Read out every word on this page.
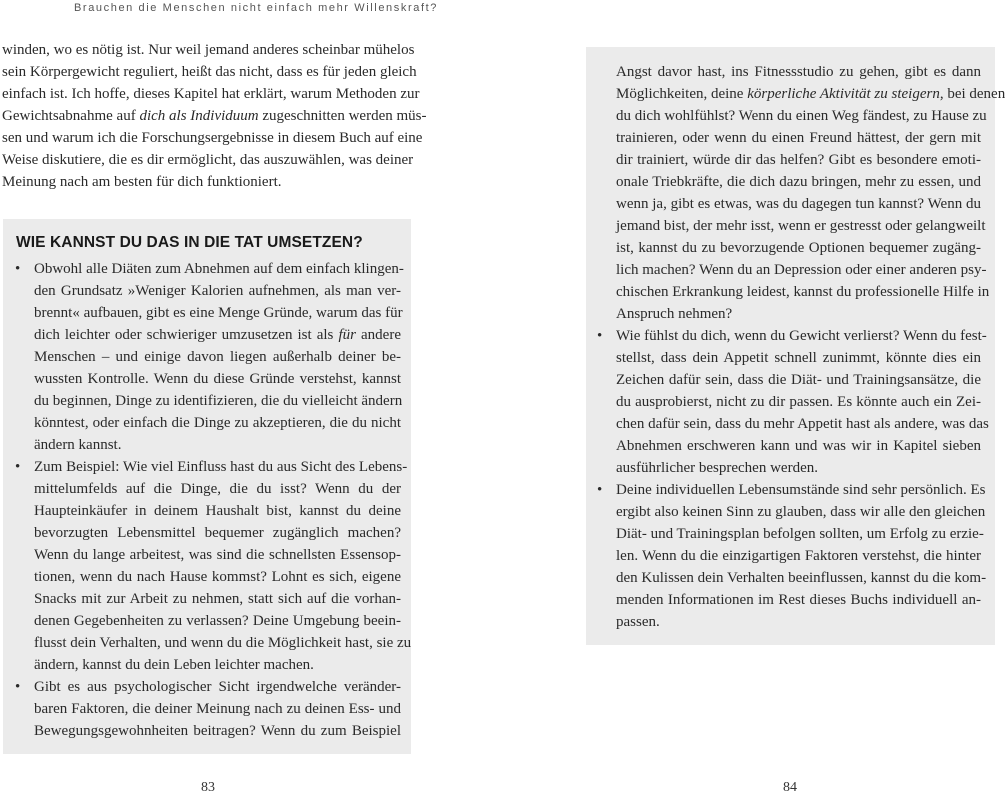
Brauchen die Menschen nicht einfach mehr Willenskraft?
winden, wo es nötig ist. Nur weil jemand anderes scheinbar mühelos
sein Körpergewicht reguliert, heißt das nicht, dass es für jeden gleich
einfach ist. Ich hoffe, dieses Kapitel hat erklärt, warum Methoden zur
Gewichtsabnahme auf dich als Individuum zugeschnitten werden müs-
sen und warum ich die Forschungsergebnisse in diesem Buch auf eine
Weise diskutiere, die es dir ermöglicht, das auszuwählen, was deiner
Meinung nach am besten für dich funktioniert.
WIE KANNST DU DAS IN DIE TAT UMSETZEN?
• Obwohl alle Diäten zum Abnehmen auf dem einfach klingen-
den Grundsatz »Weniger Kalorien aufnehmen, als man ver-
brennt« aufbauen, gibt es eine Menge Gründe, warum das für
dich leichter oder schwieriger umzusetzen ist als für andere
Menschen – und einige davon liegen außerhalb deiner be-
wussten Kontrolle. Wenn du diese Gründe verstehst, kannst
du beginnen, Dinge zu identifizieren, die du vielleicht ändern
könntest, oder einfach die Dinge zu akzeptieren, die du nicht
ändern kannst.
• Zum Beispiel: Wie viel Einfluss hast du aus Sicht des Lebens-
mittelumfelds auf die Dinge, die du isst? Wenn du der
Haupteinkäufer in deinem Haushalt bist, kannst du deine
bevorzugten Lebensmittel bequemer zugänglich machen?
Wenn du lange arbeitest, was sind die schnellsten Essensop-
tionen, wenn du nach Hause kommst? Lohnt es sich, eigene
Snacks mit zur Arbeit zu nehmen, statt sich auf die vorhan-
denen Gegebenheiten zu verlassen? Deine Umgebung beein-
flusst dein Verhalten, und wenn du die Möglichkeit hast, sie zu
ändern, kannst du dein Leben leichter machen.
• Gibt es aus psychologischer Sicht irgendwelche veränder-
baren Faktoren, die deiner Meinung nach zu deinen Ess- und
Bewegungsgewohnheiten beitragen? Wenn du zum Beispiel
83
Angst davor hast, ins Fitnessstudio zu gehen, gibt es dann
Möglichkeiten, deine körperliche Aktivität zu steigern, bei denen
du dich wohlfühlst? Wenn du einen Weg fändest, zu Hause zu
trainieren, oder wenn du einen Freund hättest, der gern mit
dir trainiert, würde dir das helfen? Gibt es besondere emoti-
onale Triebkräfte, die dich dazu bringen, mehr zu essen, und
wenn ja, gibt es etwas, was du dagegen tun kannst? Wenn du
jemand bist, der mehr isst, wenn er gestresst oder gelangweilt
ist, kannst du zu bevorzugende Optionen bequemer zugäng-
lich machen? Wenn du an Depression oder einer anderen psy-
chischen Erkrankung leidest, kannst du professionelle Hilfe in
Anspruch nehmen?
• Wie fühlst du dich, wenn du Gewicht verlierst? Wenn du fest-
stellst, dass dein Appetit schnell zunimmt, könnte dies ein
Zeichen dafür sein, dass die Diät- und Trainingsansätze, die
du ausprobierst, nicht zu dir passen. Es könnte auch ein Zei-
chen dafür sein, dass du mehr Appetit hast als andere, was das
Abnehmen erschweren kann und was wir in Kapitel sieben
ausführlicher besprechen werden.
• Deine individuellen Lebensumstände sind sehr persönlich. Es
ergibt also keinen Sinn zu glauben, dass wir alle den gleichen
Diät- und Trainingsplan befolgen sollten, um Erfolg zu erzie-
len. Wenn du die einzigartigen Faktoren verstehst, die hinter
den Kulissen dein Verhalten beeinflussen, kannst du die kom-
menden Informationen im Rest dieses Buchs individuell an-
passen.
84
